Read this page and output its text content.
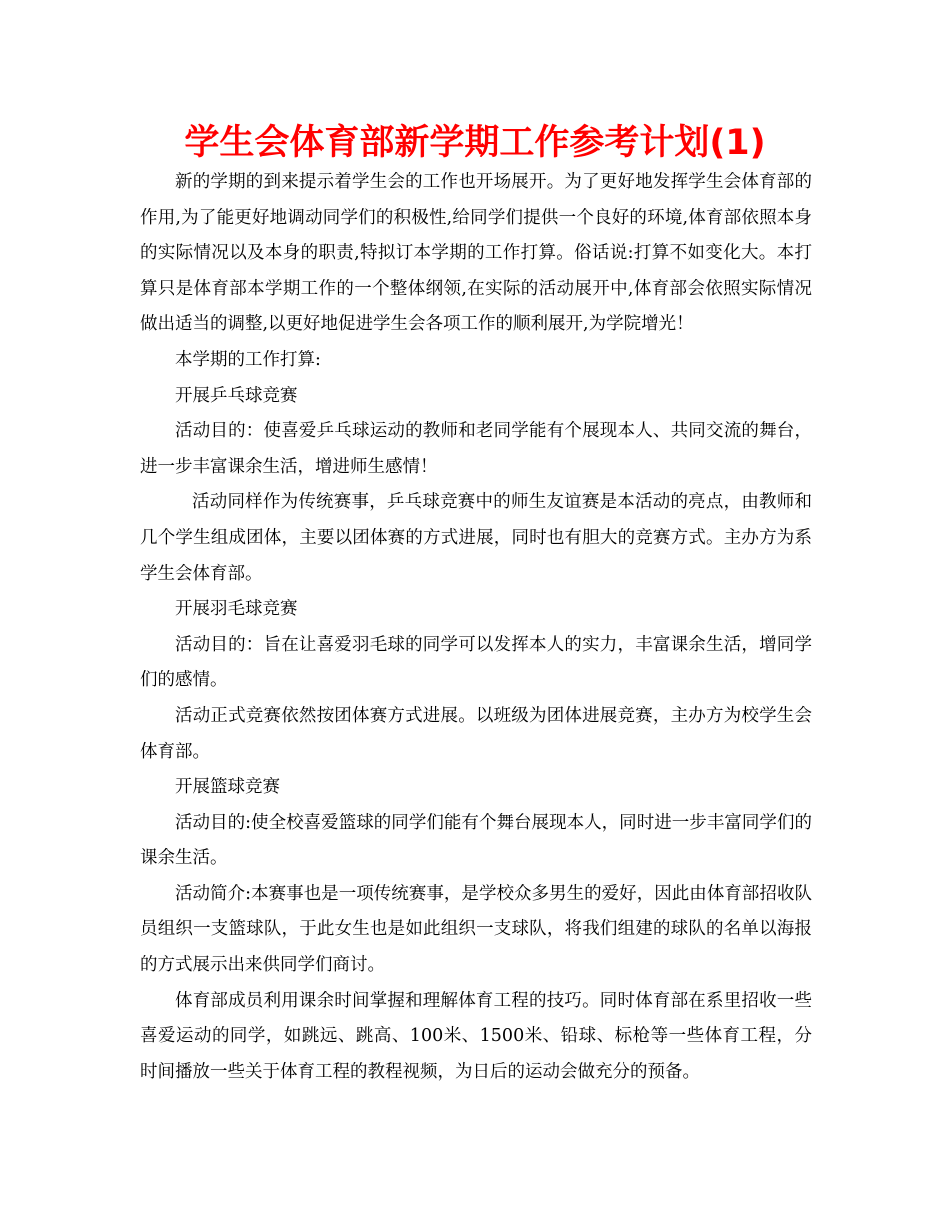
学生会体育部新学期工作参考计划(1)

新的学期的到来提示着学生会的工作也开场展开。为了更好地发挥学生会体育部的作用,为了能更好地调动同学们的积极性,给同学们提供一个良好的环境,体育部依照本身的实际情况以及本身的职责,特拟订本学期的工作打算。俗话说:打算不如变化大。本打算只是体育部本学期工作的一个整体纲领,在实际的活动展开中,体育部会依照实际情况做出适当的调整,以更好地促进学生会各项工作的顺利展开,为学院增光！

本学期的工作打算:

开展乒乓球竞赛

活动目的：使喜爱乒乓球运动的教师和老同学能有个展现本人、共同交流的舞台，进一步丰富课余生活，增进师生感情！

活动同样作为传统赛事，乒乓球竞赛中的师生友谊赛是本活动的亮点，由教师和几个学生组成团体，主要以团体赛的方式进展，同时也有胆大的竞赛方式。主办方为系学生会体育部。

开展羽毛球竞赛

活动目的：旨在让喜爱羽毛球的同学可以发挥本人的实力，丰富课余生活，增同学们的感情。

活动正式竞赛依然按团体赛方式进展。以班级为团体进展竞赛，主办方为校学生会体育部。

开展篮球竞赛

活动目的:使全校喜爱篮球的同学们能有个舞台展现本人，同时进一步丰富同学们的课余生活。

活动简介:本赛事也是一项传统赛事，是学校众多男生的爱好，因此由体育部招收队员组织一支篮球队，于此女生也是如此组织一支球队，将我们组建的球队的名单以海报的方式展示出来供同学们商讨。

体育部成员利用课余时间掌握和理解体育工程的技巧。同时体育部在系里招收一些喜爱运动的同学，如跳远、跳高、100米、1500米、铅球、标枪等一些体育工程，分时间播放一些关于体育工程的教程视频，为日后的运动会做充分的预备。
